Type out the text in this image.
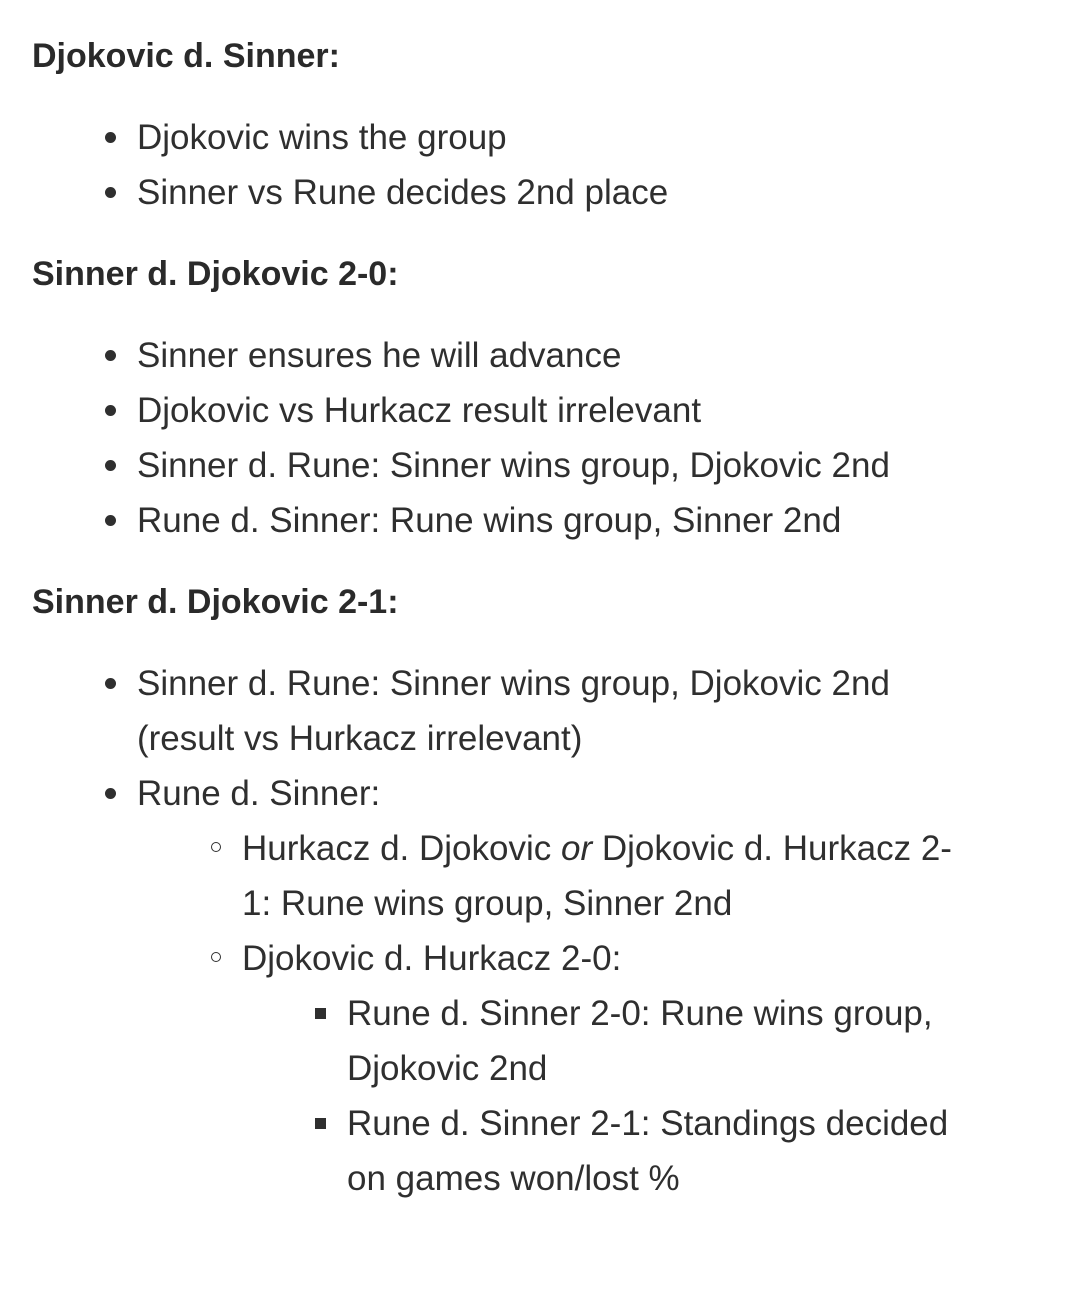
Djokovic d. Sinner:
Djokovic wins the group
Sinner vs Rune decides 2nd place
Sinner d. Djokovic 2-0:
Sinner ensures he will advance
Djokovic vs Hurkacz result irrelevant
Sinner d. Rune: Sinner wins group, Djokovic 2nd
Rune d. Sinner: Rune wins group, Sinner 2nd
Sinner d. Djokovic 2-1:
Sinner d. Rune: Sinner wins group, Djokovic 2nd
(result vs Hurkacz irrelevant)
Rune d. Sinner:
Hurkacz d. Djokovic or Djokovic d. Hurkacz 2-
1: Rune wins group, Sinner 2nd
Djokovic d. Hurkacz 2-0:
Rune d. Sinner 2-0: Rune wins group,
Djokovic 2nd
Rune d. Sinner 2-1: Standings decided
on games won/lost %
